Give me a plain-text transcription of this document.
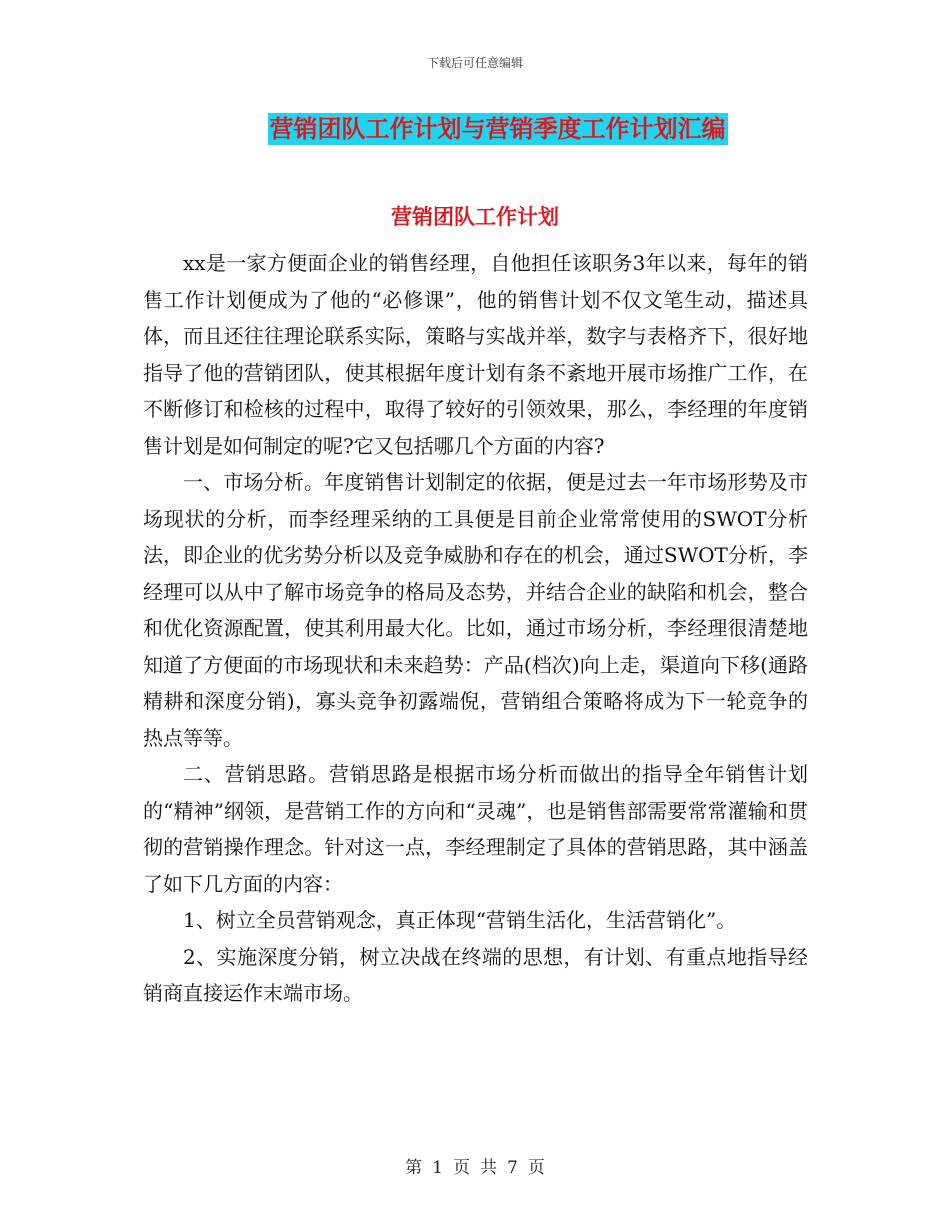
下载后可任意编辑
营销团队工作计划与营销季度工作计划汇编
营销团队工作计划

xx是一家方便面企业的销售经理，自他担任该职务3年以来，每年的销售工作计划便成为了他的“必修课”，他的销售计划不仅文笔生动，描述具体，而且还往往理论联系实际，策略与实战并举，数字与表格齐下，很好地指导了他的营销团队，使其根据年度计划有条不紊地开展市场推广工作，在不断修订和检核的过程中，取得了较好的引领效果，那么，李经理的年度销售计划是如何制定的呢?它又包括哪几个方面的内容?

一、市场分析。年度销售计划制定的依据，便是过去一年市场形势及市场现状的分析，而李经理采纳的工具便是目前企业常常使用的SWOT分析法，即企业的优劣势分析以及竞争威胁和存在的机会，通过SWOT分析，李经理可以从中了解市场竞争的格局及态势，并结合企业的缺陷和机会，整合和优化资源配置，使其利用最大化。比如，通过市场分析，李经理很清楚地知道了方便面的市场现状和未来趋势：产品(档次)向上走，渠道向下移(通路精耕和深度分销)，寡头竞争初露端倪，营销组合策略将成为下一轮竞争的热点等等。

二、营销思路。营销思路是根据市场分析而做出的指导全年销售计划的“精神”纲领，是营销工作的方向和“灵魂”，也是销售部需要常常灌输和贯彻的营销操作理念。针对这一点，李经理制定了具体的营销思路，其中涵盖了如下几方面的内容：

1、树立全员营销观念，真正体现“营销生活化，生活营销化”。

2、实施深度分销，树立决战在终端的思想，有计划、有重点地指导经销商直接运作末端市场。

第 1 页 共 7 页
